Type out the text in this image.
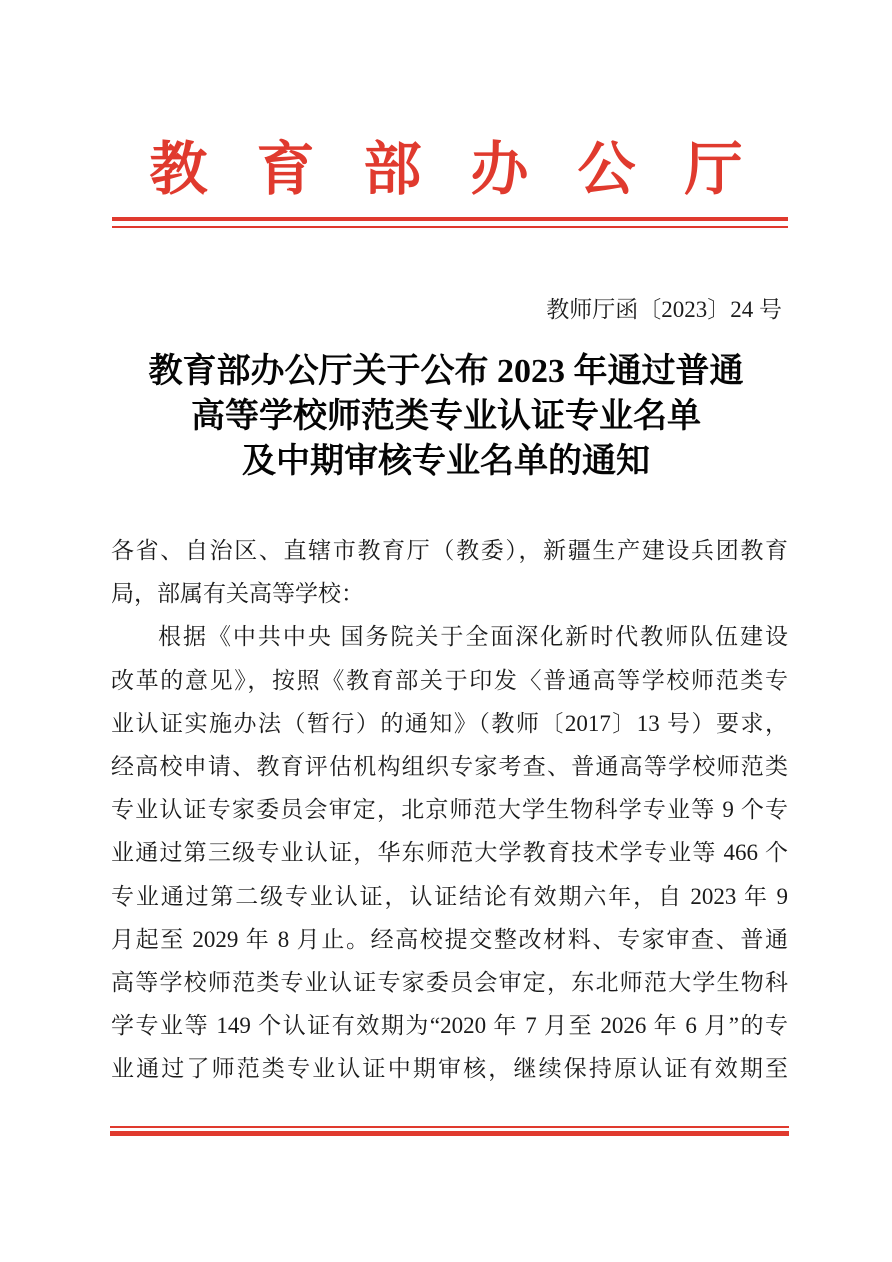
教育部办公厅
教师厅函〔2023〕24 号
教育部办公厅关于公布 2023 年通过普通
高等学校师范类专业认证专业名单
及中期审核专业名单的通知
各省、自治区、直辖市教育厅（教委），新疆生产建设兵团教育
局，部属有关高等学校：
根据《中共中央 国务院关于全面深化新时代教师队伍建设
改革的意见》，按照《教育部关于印发〈普通高等学校师范类专
业认证实施办法（暂行）的通知》（教师〔2017〕13 号）要求，
经高校申请、教育评估机构组织专家考查、普通高等学校师范类
专业认证专家委员会审定，北京师范大学生物科学专业等 9 个专
业通过第三级专业认证，华东师范大学教育技术学专业等 466 个
专业通过第二级专业认证，认证结论有效期六年，自 2023 年 9
月起至 2029 年 8 月止。经高校提交整改材料、专家审查、普通
高等学校师范类专业认证专家委员会审定，东北师范大学生物科
学专业等 149 个认证有效期为“2020 年 7 月至 2026 年 6 月”的专
业通过了师范类专业认证中期审核，继续保持原认证有效期至
